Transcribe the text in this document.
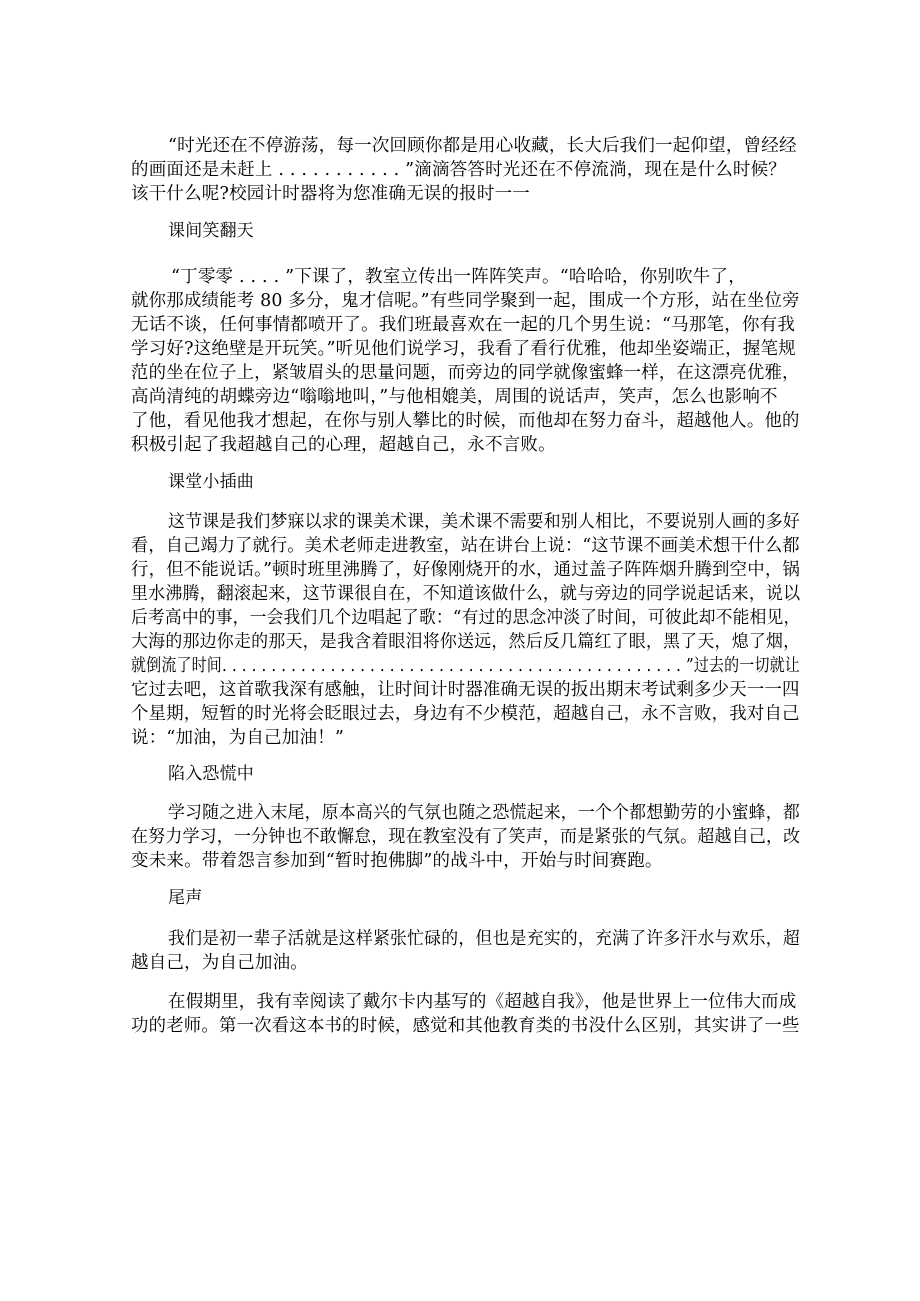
“时光还在不停游荡，每一次回顾你都是用心收藏，长大后我们一起仰望，曾经经
的画面还是未赶上 . . . . . . . . . . . ”滴滴答答时光还在不停流淌，现在是什么时候？
该干什么呢?校园计时器将为您准确无误的报时一一
课间笑翻天
“丁零零 . . . . ”下课了，教室立传出一阵阵笑声。“哈哈哈，你别吹牛了，
就你那成绩能考 80 多分，鬼才信呢。”有些同学聚到一起，围成一个方形，站在坐位旁
无话不谈，任何事情都喷开了。我们班最喜欢在一起的几个男生说：“马那笔，你有我
学习好?这绝壁是开玩笑。”听见他们说学习，我看了看行优雅，他却坐姿端正，握笔规
范的坐在位子上，紧皱眉头的思量问题，而旁边的同学就像蜜蜂一样，在这漂亮优雅，
高尚清纯的胡蝶旁边“嗡嗡地叫，”与他相媲美，周围的说话声，笑声，怎么也影响不
了他，看见他我才想起，在你与别人攀比的时候，而他却在努力奋斗，超越他人。他的
积极引起了我超越自己的心理，超越自己，永不言败。
课堂小插曲
这节课是我们梦寐以求的课美术课，美术课不需要和别人相比，不要说别人画的多好
看，自己竭力了就行。美术老师走进教室，站在讲台上说：“这节课不画美术想干什么都
行，但不能说话。”顿时班里沸腾了，好像刚烧开的水，通过盖子阵阵烟升腾到空中，锅
里水沸腾，翻滚起来，这节课很自在，不知道该做什么，就与旁边的同学说起话来，说以
后考高中的事，一会我们几个边唱起了歌：“有过的思念冲淡了时间，可彼此却不能相见，
大海的那边你走的那天，是我含着眼泪将你送远，然后反几篇红了眼，黑了天，熄了烟，
就倒流了时间. . . . . . . . . . . . . . . . . . . . . . . . . . . . . . . . . . . . . . . . . . . . . . . ”过去的一切就让
它过去吧，这首歌我深有感触，让时间计时器准确无误的扳出期末考试剩多少天一一四
个星期，短暂的时光将会眨眼过去，身边有不少模范，超越自己，永不言败，我对自己
说：“加油，为自己加油！”
陷入恐慌中
学习随之进入末尾，原本高兴的气氛也随之恐慌起来，一个个都想勤劳的小蜜蜂，都
在努力学习，一分钟也不敢懈怠，现在教室没有了笑声，而是紧张的气氛。超越自己，改
变未来。带着怨言参加到“暂时抱佛脚”的战斗中，开始与时间赛跑。
尾声
我们是初一辈子活就是这样紧张忙碌的，但也是充实的，充满了许多汗水与欢乐，超
越自己，为自己加油。
在假期里，我有幸阅读了戴尔卡内基写的《超越自我》，他是世界上一位伟大而成
功的老师。第一次看这本书的时候，感觉和其他教育类的书没什么区别，其实讲了一些
